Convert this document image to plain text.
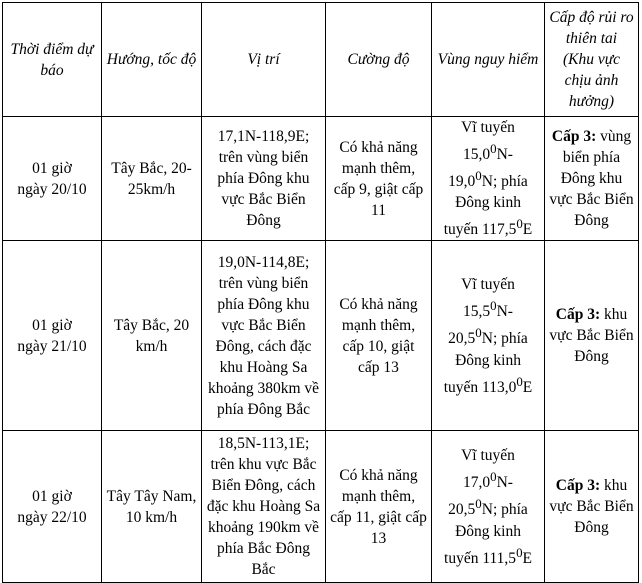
Thời điểm dự báo	Hướng, tốc độ	Vị trí	Cường độ	Vùng nguy hiểm	Cấp độ rủi ro thiên tai (Khu vực chịu ảnh hưởng)

01 giờ
ngày 20/10	Tây Bắc, 20-25km/h	17,1N-118,9E; trên vùng biển phía Đông khu vực Bắc Biển Đông	Có khả năng mạnh thêm, cấp 9, giật cấp 11	Vĩ tuyến
15,0$^0$N-
19,0$^0$N; phía
Đông kinh
tuyến 117,5$^0$E	Cấp 3: vùng biển phía Đông khu vực Bắc Biển Đông

01 giờ
ngày 21/10	Tây Bắc, 20 km/h	19,0N-114,8E; trên vùng biển phía Đông khu vực Bắc Biển Đông, cách đặc khu Hoàng Sa khoảng 380km về phía Đông Bắc	Có khả năng mạnh thêm, cấp 10, giật cấp 13	Vĩ tuyến
15,5$^0$N-
20,5$^0$N; phía
Đông kinh
tuyến 113,0$^0$E	Cấp 3: khu vực Bắc Biển Đông

01 giờ
ngày 22/10	Tây Tây Nam, 10 km/h	18,5N-113,1E; trên khu vực Bắc Biển Đông, cách đặc khu Hoàng Sa khoảng 190km về phía Bắc Đông Bắc	Có khả năng mạnh thêm, cấp 11, giật cấp 13	Vĩ tuyến
17,0$^0$N-
20,5$^0$N; phía
Đông kinh
tuyến 111,5$^0$E	Cấp 3: khu vực Bắc Biển Đông
